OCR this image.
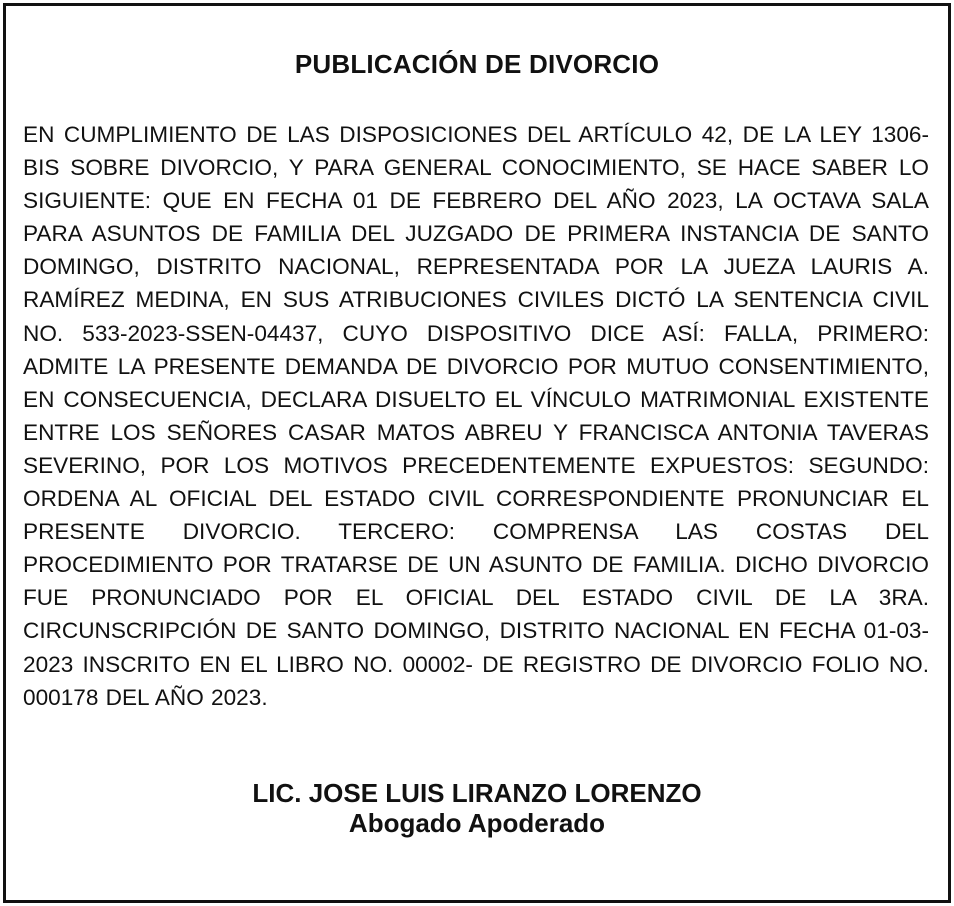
PUBLICACIÓN DE DIVORCIO
EN CUMPLIMIENTO DE LAS DISPOSICIONES DEL ARTÍCULO 42, DE LA LEY 1306-BIS SOBRE DIVORCIO, Y PARA GENERAL CONOCIMIENTO, SE HACE SABER LO SIGUIENTE: QUE EN FECHA 01 DE FEBRERO DEL AÑO 2023, LA OCTAVA SALA PARA ASUNTOS DE FAMILIA DEL JUZGADO DE PRIMERA INSTANCIA DE SANTO DOMINGO, DISTRITO NACIONAL, REPRESENTADA POR LA JUEZA LAURIS A. RAMÍREZ MEDINA, EN SUS ATRIBUCIONES CIVILES DICTÓ LA SENTENCIA CIVIL NO. 533-2023-SSEN-04437, CUYO DISPOSITIVO DICE ASÍ: FALLA, PRIMERO: ADMITE LA PRESENTE DEMANDA DE DIVORCIO POR MUTUO CONSENTIMIENTO, EN CONSECUENCIA, DECLARA DISUELTO EL VÍNCULO MATRIMONIAL EXISTENTE ENTRE LOS SEÑORES CASAR MATOS ABREU Y FRANCISCA ANTONIA TAVERAS SEVERINO, POR LOS MOTIVOS PRECEDENTEMENTE EXPUESTOS: SEGUNDO: ORDENA AL OFICIAL DEL ESTADO CIVIL CORRESPONDIENTE PRONUNCIAR EL PRESENTE DIVORCIO. TERCERO: COMPRENSA LAS COSTAS DEL PROCEDIMIENTO POR TRATARSE DE UN ASUNTO DE FAMILIA. DICHO DIVORCIO FUE PRONUNCIADO POR EL OFICIAL DEL ESTADO CIVIL DE LA 3RA. CIRCUNSCRIPCIÓN DE SANTO DOMINGO, DISTRITO NACIONAL EN FECHA 01-03-2023 INSCRITO EN EL LIBRO NO. 00002- DE REGISTRO DE DIVORCIO FOLIO NO. 000178 DEL AÑO 2023.
LIC. JOSE LUIS LIRANZO LORENZO
Abogado Apoderado
